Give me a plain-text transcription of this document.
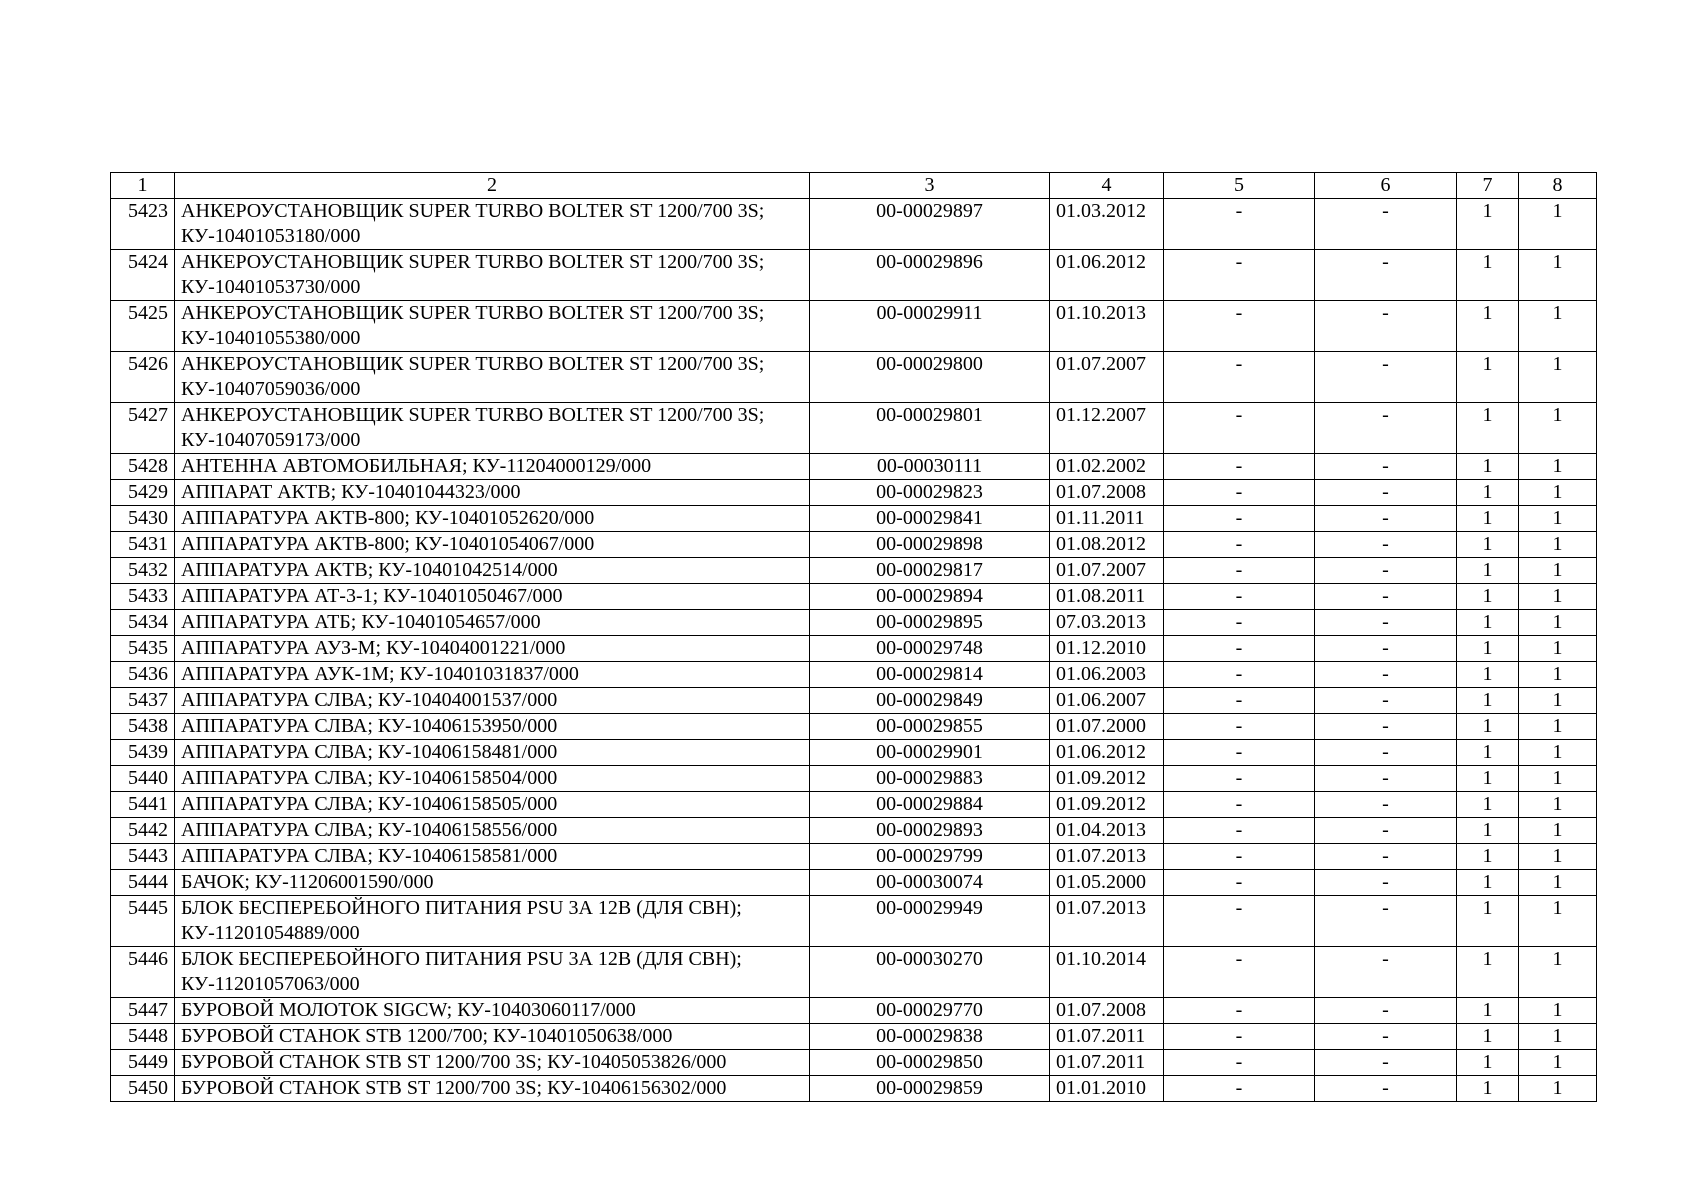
1	2	3	4	5	6	7	8
5423	АНКЕРОУСТАНОВЩИК SUPER TURBO BOLTER ST 1200/700 3S; КУ-10401053180/000	00-00029897	01.03.2012	-	-	1	1
5424	АНКЕРОУСТАНОВЩИК SUPER TURBO BOLTER ST 1200/700 3S; КУ-10401053730/000	00-00029896	01.06.2012	-	-	1	1
5425	АНКЕРОУСТАНОВЩИК SUPER TURBO BOLTER ST 1200/700 3S; КУ-10401055380/000	00-00029911	01.10.2013	-	-	1	1
5426	АНКЕРОУСТАНОВЩИК SUPER TURBO BOLTER ST 1200/700 3S; КУ-10407059036/000	00-00029800	01.07.2007	-	-	1	1
5427	АНКЕРОУСТАНОВЩИК SUPER TURBO BOLTER ST 1200/700 3S; КУ-10407059173/000	00-00029801	01.12.2007	-	-	1	1
5428	АНТЕННА АВТОМОБИЛЬНАЯ; КУ-11204000129/000	00-00030111	01.02.2002	-	-	1	1
5429	АППАРАТ АКТВ; КУ-10401044323/000	00-00029823	01.07.2008	-	-	1	1
5430	АППАРАТУРА АКТВ-800; КУ-10401052620/000	00-00029841	01.11.2011	-	-	1	1
5431	АППАРАТУРА АКТВ-800; КУ-10401054067/000	00-00029898	01.08.2012	-	-	1	1
5432	АППАРАТУРА АКТВ; КУ-10401042514/000	00-00029817	01.07.2007	-	-	1	1
5433	АППАРАТУРА АТ-3-1; КУ-10401050467/000	00-00029894	01.08.2011	-	-	1	1
5434	АППАРАТУРА АТБ; КУ-10401054657/000	00-00029895	07.03.2013	-	-	1	1
5435	АППАРАТУРА АУЗ-М; КУ-10404001221/000	00-00029748	01.12.2010	-	-	1	1
5436	АППАРАТУРА АУК-1М; КУ-10401031837/000	00-00029814	01.06.2003	-	-	1	1
5437	АППАРАТУРА СЛВА; КУ-10404001537/000	00-00029849	01.06.2007	-	-	1	1
5438	АППАРАТУРА СЛВА; КУ-10406153950/000	00-00029855	01.07.2000	-	-	1	1
5439	АППАРАТУРА СЛВА; КУ-10406158481/000	00-00029901	01.06.2012	-	-	1	1
5440	АППАРАТУРА СЛВА; КУ-10406158504/000	00-00029883	01.09.2012	-	-	1	1
5441	АППАРАТУРА СЛВА; КУ-10406158505/000	00-00029884	01.09.2012	-	-	1	1
5442	АППАРАТУРА СЛВА; КУ-10406158556/000	00-00029893	01.04.2013	-	-	1	1
5443	АППАРАТУРА СЛВА; КУ-10406158581/000	00-00029799	01.07.2013	-	-	1	1
5444	БАЧОК; КУ-11206001590/000	00-00030074	01.05.2000	-	-	1	1
5445	БЛОК БЕСПЕРЕБОЙНОГО ПИТАНИЯ PSU 3А 12В (ДЛЯ СВН); КУ-11201054889/000	00-00029949	01.07.2013	-	-	1	1
5446	БЛОК БЕСПЕРЕБОЙНОГО ПИТАНИЯ PSU 3А 12В (ДЛЯ СВН); КУ-11201057063/000	00-00030270	01.10.2014	-	-	1	1
5447	БУРОВОЙ МОЛОТОК SIGCW; КУ-10403060117/000	00-00029770	01.07.2008	-	-	1	1
5448	БУРОВОЙ СТАНОК STB 1200/700; КУ-10401050638/000	00-00029838	01.07.2011	-	-	1	1
5449	БУРОВОЙ СТАНОК STB ST 1200/700 3S; КУ-10405053826/000	00-00029850	01.07.2011	-	-	1	1
5450	БУРОВОЙ СТАНОК STB ST 1200/700 3S; КУ-10406156302/000	00-00029859	01.01.2010	-	-	1	1
